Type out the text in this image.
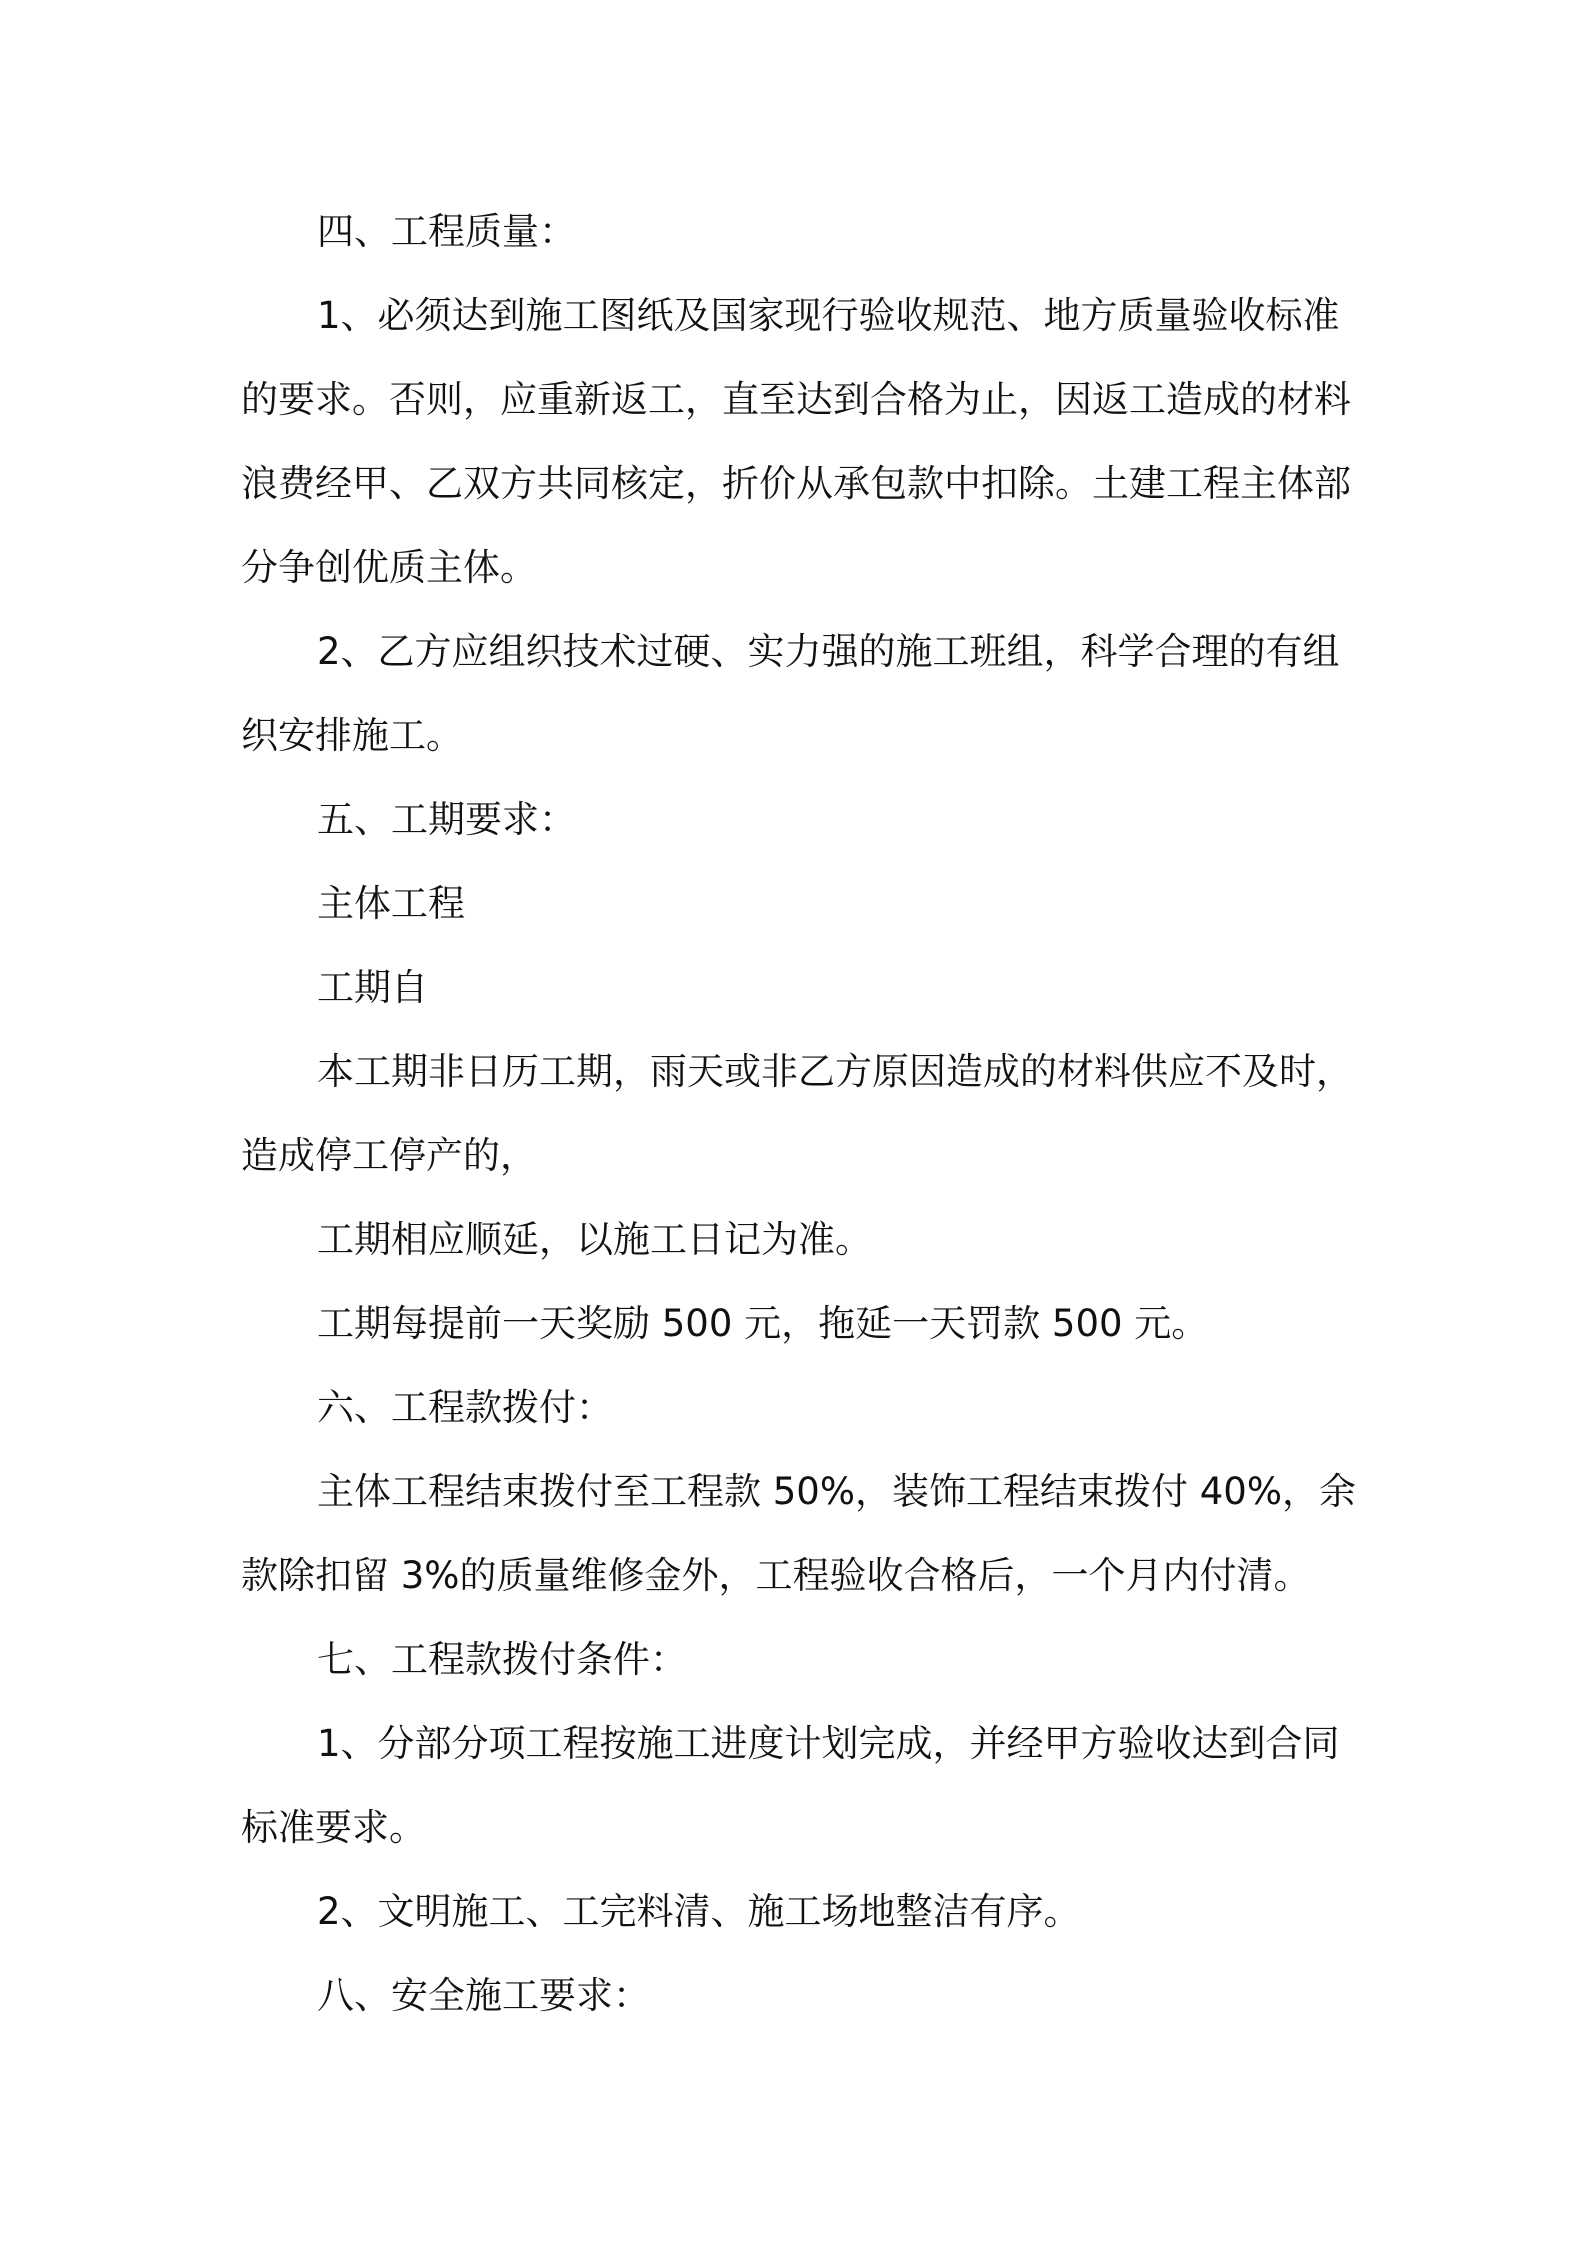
四、工程质量：

1、必须达到施工图纸及国家现行验收规范、地方质量验收标准的要求。否则，应重新返工，直至达到合格为止，因返工造成的材料浪费经甲、乙双方共同核定，折价从承包款中扣除。土建工程主体部分争创优质主体。

2、乙方应组织技术过硬、实力强的施工班组，科学合理的有组织安排施工。

五、工期要求：

主体工程

工期自

本工期非日历工期，雨天或非乙方原因造成的材料供应不及时，造成停工停产的，

工期相应顺延，以施工日记为准。

工期每提前一天奖励 500 元，拖延一天罚款 500 元。

六、工程款拨付：

主体工程结束拨付至工程款 50%，装饰工程结束拨付 40%，余款除扣留 3%的质量维修金外，工程验收合格后，一个月内付清。

七、工程款拨付条件：

1、分部分项工程按施工进度计划完成，并经甲方验收达到合同标准要求。

2、文明施工、工完料清、施工场地整洁有序。

八、安全施工要求：
